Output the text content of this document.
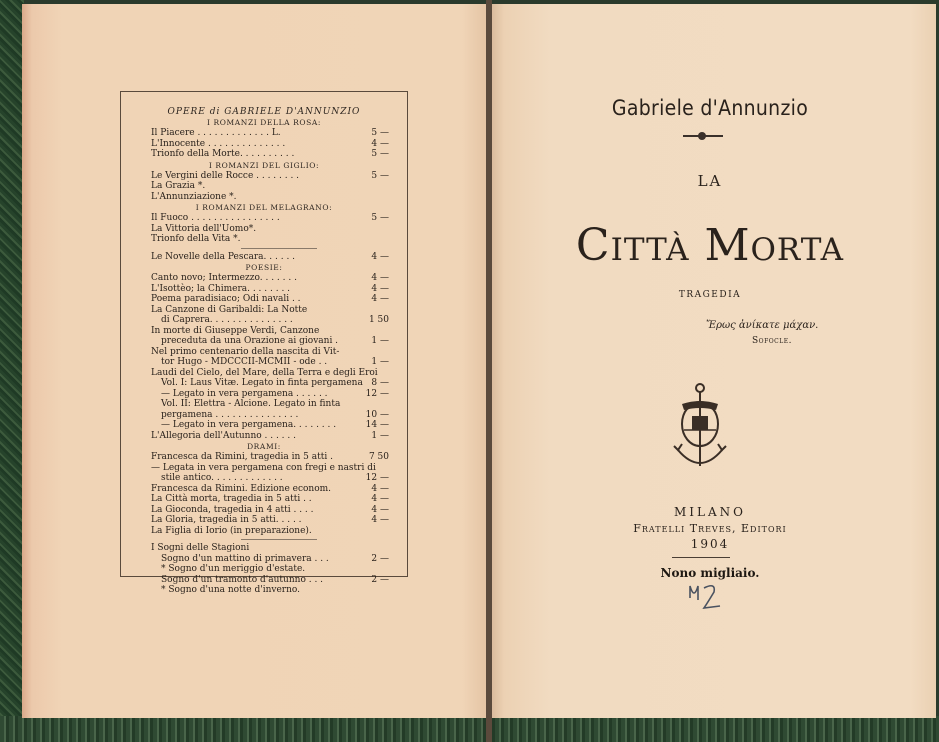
OPERE di GABRIELE D'ANNUNZIO
I ROMANZI DELLA ROSA:
Il Piacere . . . . . . . . . . . . . L.	5 —
L'Innocente . . . . . . . . . . . . . .	4 —
Trionfo della Morte. . . . . . . . . .	5 —
I ROMANZI DEL GIGLIO:
Le Vergini delle Rocce . . . . . . . .	5 —
La Grazia *.
L'Annunziazione *.
I ROMANZI DEL MELAGRANO:
Il Fuoco . . . . . . . . . . . . . . . .	5 —
La Vittoria dell'Uomo*.
Trionfo della Vita *.
Le Novelle della Pescara. . . . . .	4 —
POESIE:
Canto novo; Intermezzo. . . . . . .	4 —
L'Isottèo; la Chimera. . . . . . . .	4 —
Poema paradisiaco; Odi navali . .	4 —
La Canzone di Garibaldi: La Notte
di Caprera. . . . . . . . . . . . . . .	1 50
In morte di Giuseppe Verdi, Canzone
preceduta da una Orazione ai giovani .	1 —
Nel primo centenario della nascita di Vit-
tor Hugo - MDCCCII-MCMII - ode . .	1 —
Laudi del Cielo, del Mare, della Terra e degli Eroi
Vol. I: Laus Vitæ. Legato in finta pergamena 8 —
— Legato in vera pergamena . . . . . .	12 —
Vol. II: Elettra - Alcione. Legato in finta
pergamena . . . . . . . . . . . . . . .	10 —
— Legato in vera pergamena. . . . . . . .	14 —
L'Allegoria dell'Autunno . . . . . .	1 —
DRAMI:
Francesca da Rimini, tragedia in 5 atti .	7 50
— Legata in vera pergamena con fregi e nastri di
stile antico. . . . . . . . . . . . .	12 —
Francesca da Rimini. Edizione econom.	4 —
La Città morta, tragedia in 5 atti . .	4 —
La Gioconda, tragedia in 4 atti . . . .	4 —
La Gloria, tragedia in 5 atti. . . . .	4 —
La Figlia di Iorio (in preparazione).
I Sogni delle Stagioni
Sogno d'un mattino di primavera . . .	2 —
* Sogno d'un meriggio d'estate.
Sogno d'un tramonto d'autunno . . .	2 —
* Sogno d'una notte d'inverno.
Gabriele d'Annunzio
LA
Città Morta
TRAGEDIA
Ἔρως ἀνίκατε μάχαν.
Sofocle.
MILANO
Fratelli Treves, Editori
1904
Nono migliaio.
